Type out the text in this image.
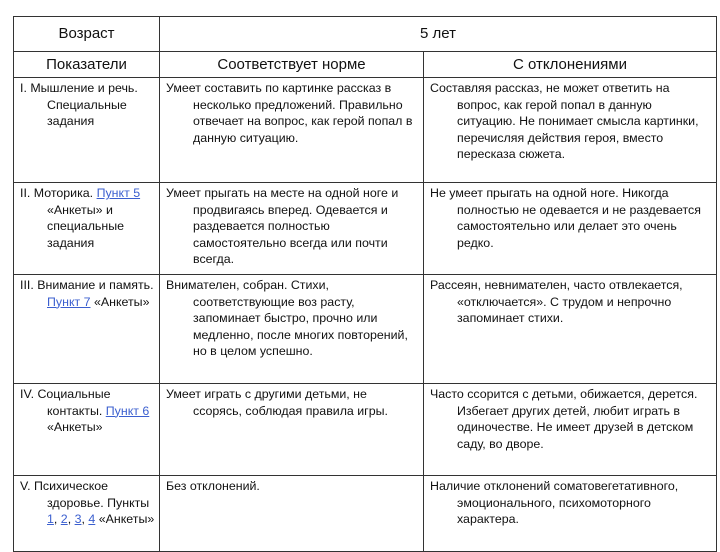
Возраст	5 лет	
Показатели	Соответствует норме	С отклонениями

I. Мышление и речь. Специальные задания	Умеет составить по картинке рассказ в несколько предложений. Правильно отвечает на вопрос, как герой попал в данную ситуацию.	Составляя рассказ, не может ответить на вопрос, как герой попал в данную ситуацию. Не понимает смысла картинки, перечисляя действия героя, вместо пересказа сюжета.

II. Моторика. Пункт 5 «Анкеты» и специальные задания	Умеет прыгать на месте на одной ноге и продвигаясь вперед. Одевается и раздевается полностью самостоятельно всегда или почти всегда.	Не умеет прыгать на одной ноге. Никогда полностью не одевается и не раздевается самостоятельно или делает это очень редко.

III. Внимание и память. Пункт 7 «Анкеты»	Внимателен, собран. Стихи, соответствующие воз расту, запоминает быстро, прочно или медленно, после многих повторений, но в целом успешно.	Рассеян, невнимателен, часто отвлекается, «отключается». С трудом и непрочно запоминает стихи.

IV. Социальные контакты. Пункт 6 «Анкеты»	Умеет играть с другими детьми, не ссорясь, соблюдая правила игры.	Часто ссорится с детьми, обижается, дерется. Избегает других детей, любит играть в одиночестве. Не имеет друзей в детском саду, во дворе.

V. Психическое здоровье. Пункты 1, 2, 3, 4 «Анкеты»	Без отклонений.	Наличие отклонений соматовегетативного, эмоционального, психомоторного характера.
